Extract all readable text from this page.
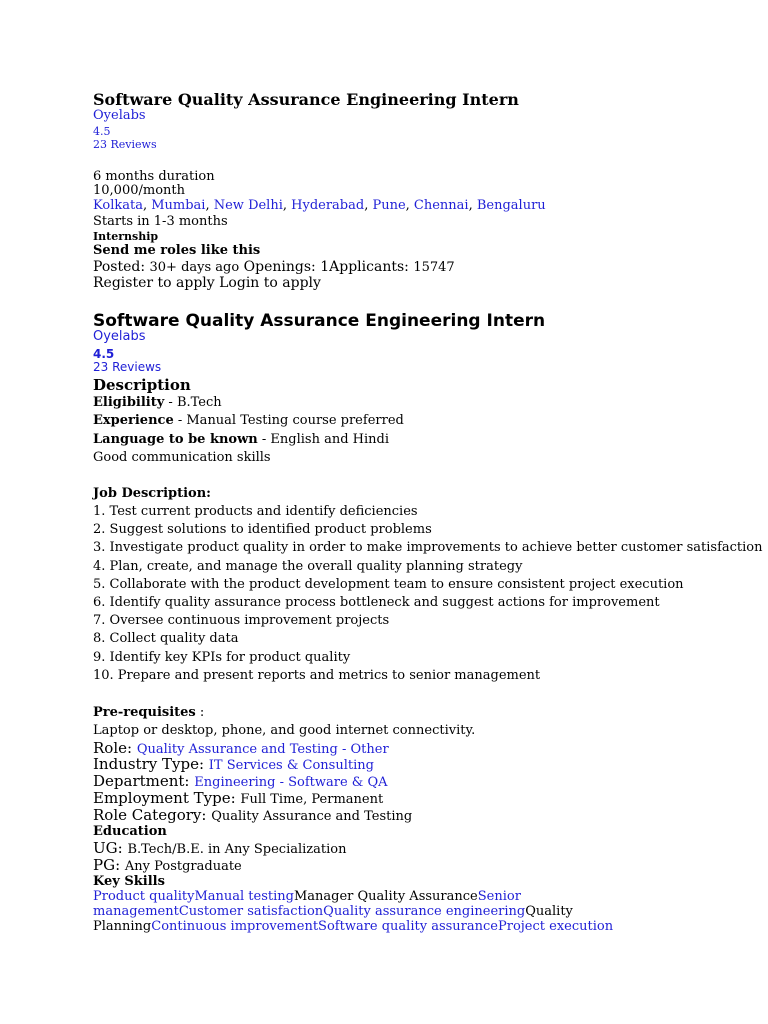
Software Quality Assurance Engineering Intern
Oyelabs
4.5
23 Reviews
6 months duration
10,000/month
Kolkata, Mumbai, New Delhi, Hyderabad, Pune, Chennai, Bengaluru
Starts in 1-3 months
Internship
Send me roles like this
Posted: 30+ days ago Openings: 1Applicants: 15747
Register to apply Login to apply
Software Quality Assurance Engineering Intern
Oyelabs
4.5
23 Reviews
Description
Eligibility - B.Tech
Experience - Manual Testing course preferred
Language to be known - English and Hindi
Good communication skills
Job Description:
1. Test current products and identify deficiencies
2. Suggest solutions to identified product problems
3. Investigate product quality in order to make improvements to achieve better customer satisfaction
4. Plan, create, and manage the overall quality planning strategy
5. Collaborate with the product development team to ensure consistent project execution
6. Identify quality assurance process bottleneck and suggest actions for improvement
7. Oversee continuous improvement projects
8. Collect quality data
9. Identify key KPIs for product quality
10. Prepare and present reports and metrics to senior management
Pre-requisites :
Laptop or desktop, phone, and good internet connectivity.
Role: Quality Assurance and Testing - Other
Industry Type: IT Services & Consulting
Department: Engineering - Software & QA
Employment Type: Full Time, Permanent
Role Category: Quality Assurance and Testing
Education
UG: B.Tech/B.E. in Any Specialization
PG: Any Postgraduate
Key Skills
Product qualityManual testingManager Quality AssuranceSenior managementCustomer satisfactionQuality assurance engineeringQuality PlanningContinuous improvementSoftware quality assuranceProject execution
